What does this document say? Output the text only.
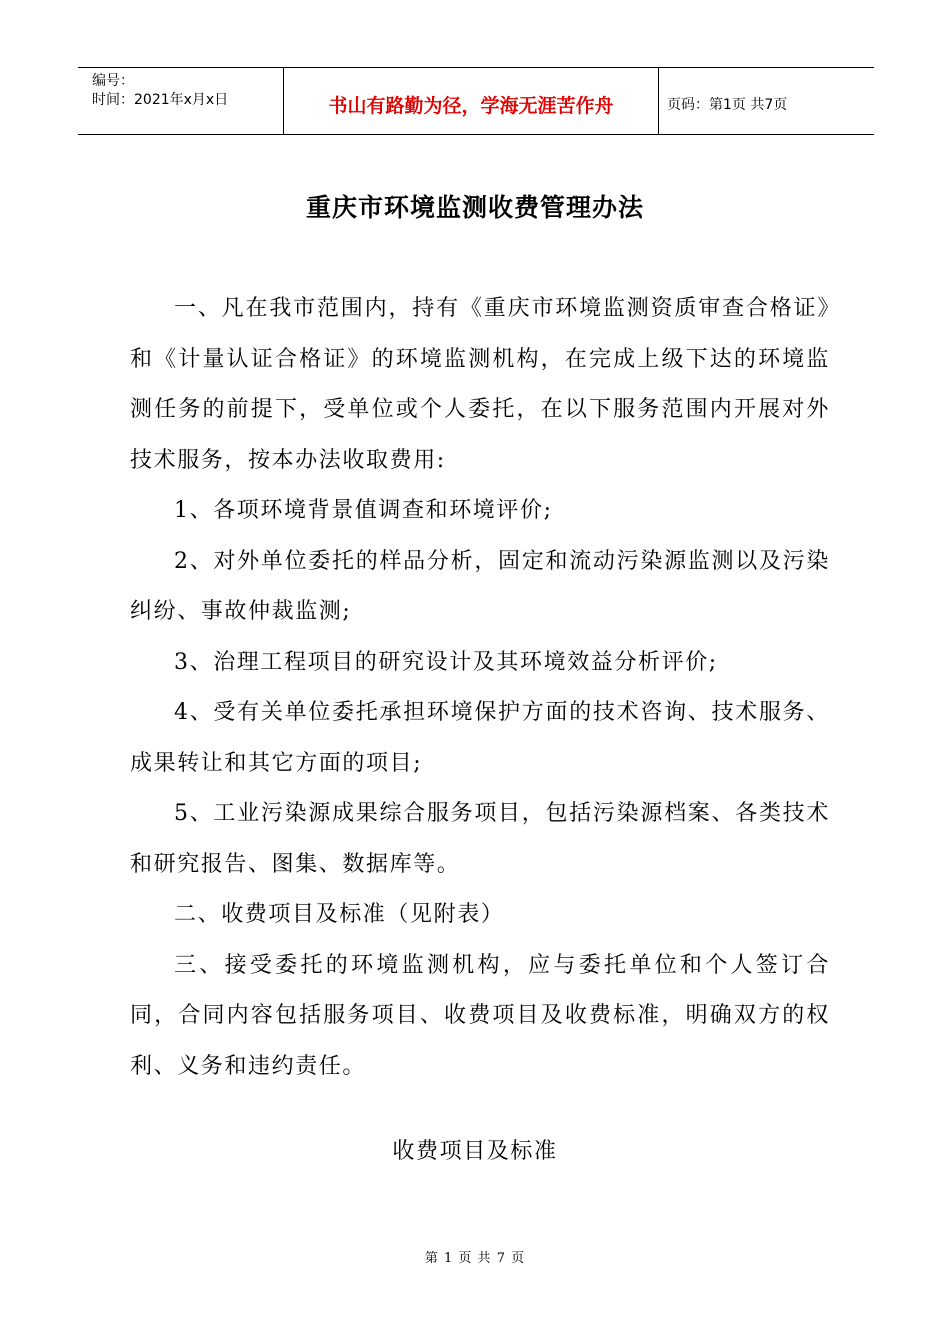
编号：
时间：2021年x月x日	书山有路勤为径，学海无涯苦作舟	页码：第1页 共7页
重庆市环境监测收费管理办法

一、凡在我市范围内，持有《重庆市环境监测资质审查合格证》和《计量认证合格证》的环境监测机构，在完成上级下达的环境监测任务的前提下，受单位或个人委托，在以下服务范围内开展对外技术服务，按本办法收取费用:

1、各项环境背景值调查和环境评价;

2、对外单位委托的样品分析，固定和流动污染源监测以及污染纠纷、事故仲裁监测;

3、治理工程项目的研究设计及其环境效益分析评价;

4、受有关单位委托承担环境保护方面的技术咨询、技术服务、成果转让和其它方面的项目;

5、工业污染源成果综合服务项目，包括污染源档案、各类技术和研究报告、图集、数据库等。

二、收费项目及标准（见附表）

三、接受委托的环境监测机构，应与委托单位和个人签订合同，合同内容包括服务项目、收费项目及收费标准，明确双方的权利、义务和违约责任。

收费项目及标准
第 1 页 共 7 页
